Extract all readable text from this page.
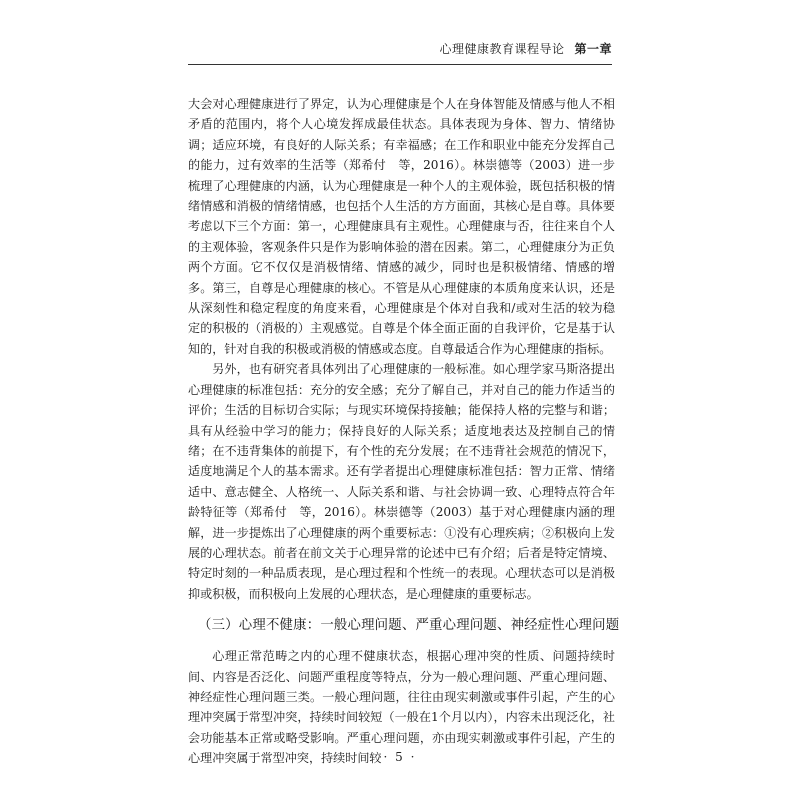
心理健康教育课程导论 第一章

大会对心理健康进行了界定，认为心理健康是个人在身体智能及情感与他人不相矛盾的范围内，将个人心境发挥成最佳状态。具体表现为身体、智力、情绪协调；适应环境，有良好的人际关系；有幸福感；在工作和职业中能充分发挥自己的能力，过有效率的生活等（郑希付　等，2016）。林崇德等（2003）进一步梳理了心理健康的内涵，认为心理健康是一种个人的主观体验，既包括积极的情绪情感和消极的情绪情感，也包括个人生活的方方面面，其核心是自尊。具体要考虑以下三个方面：第一，心理健康具有主观性。心理健康与否，往往来自个人的主观体验，客观条件只是作为影响体验的潜在因素。第二，心理健康分为正负两个方面。它不仅仅是消极情绪、情感的减少，同时也是积极情绪、情感的增多。第三，自尊是心理健康的核心。不管是从心理健康的本质角度来认识，还是从深刻性和稳定程度的角度来看，心理健康是个体对自我和/或对生活的较为稳定的积极的（消极的）主观感觉。自尊是个体全面正面的自我评价，它是基于认知的，针对自我的积极或消极的情感或态度。自尊最适合作为心理健康的指标。

另外，也有研究者具体列出了心理健康的一般标准。如心理学家马斯洛提出心理健康的标准包括：充分的安全感；充分了解自己，并对自己的能力作适当的评价；生活的目标切合实际；与现实环境保持接触；能保持人格的完整与和谐；具有从经验中学习的能力；保持良好的人际关系；适度地表达及控制自己的情绪；在不违背集体的前提下，有个性的充分发展；在不违背社会规范的情况下，适度地满足个人的基本需求。还有学者提出心理健康标准包括：智力正常、情绪适中、意志健全、人格统一、人际关系和谐、与社会协调一致、心理特点符合年龄特征等（郑希付　等，2016）。林崇德等（2003）基于对心理健康内涵的理解，进一步提炼出了心理健康的两个重要标志：①没有心理疾病；②积极向上发展的心理状态。前者在前文关于心理异常的论述中已有介绍；后者是特定情境、特定时刻的一种品质表现，是心理过程和个性统一的表现。心理状态可以是消极抑或积极，而积极向上发展的心理状态，是心理健康的重要标志。

（三）心理不健康：一般心理问题、严重心理问题、神经症性心理问题

心理正常范畴之内的心理不健康状态，根据心理冲突的性质、问题持续时间、内容是否泛化、问题严重程度等特点，分为一般心理问题、严重心理问题、神经症性心理问题三类。一般心理问题，往往由现实刺激或事件引起，产生的心理冲突属于常型冲突，持续时间较短（一般在1个月以内），内容未出现泛化，社会功能基本正常或略受影响。严重心理问题，亦由现实刺激或事件引起，产生的心理冲突属于常型冲突，持续时间较 · 5 ·
